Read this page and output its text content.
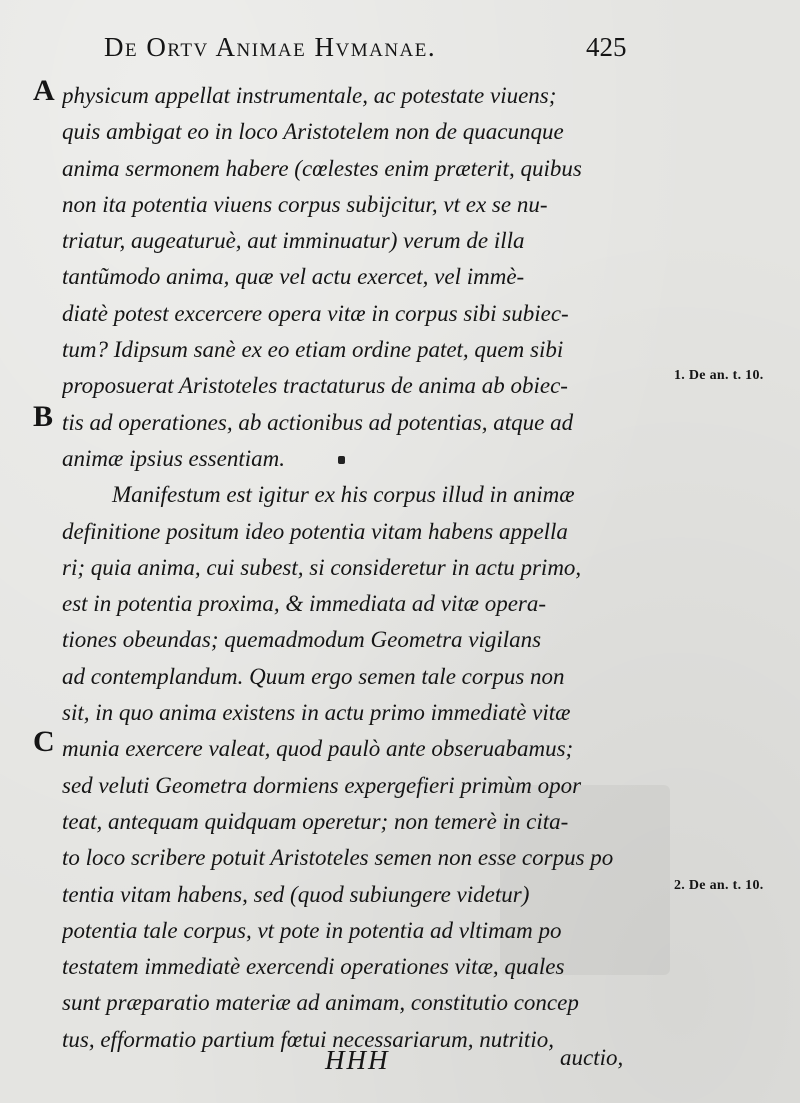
De Ortv Animae Hvmanae.	425
A
B
C
1. De an. t. 10.
2. De an. t. 10.
physicum appellat instrumentale, ac potestate viuens;
quis ambigat eo in loco Aristotelem non de quacunque
anima sermonem habere (cœlestes enim præterit, quibus
non ita potentia viuens corpus subijcitur, vt ex se nu-
triatur, augeaturuè, aut imminuatur) verum de illa
tantũmodo anima, quæ vel actu exercet, vel immè-
diatè potest excercere opera vitæ in corpus sibi subiec-
tum? Idipsum sanè ex eo etiam ordine patet, quem sibi
proposuerat Aristoteles tractaturus de anima ab obiec-
tis ad operationes, ab actionibus ad potentias, atque ad
animæ ipsius essentiam.
Manifestum est igitur ex his corpus illud in animæ
definitione positum ideo potentia vitam habens appella
ri; quia anima, cui subest, si consideretur in actu primo,
est in potentia proxima, & immediata ad vitæ opera-
tiones obeundas; quemadmodum Geometra vigilans
ad contemplandum. Quum ergo semen tale corpus non
sit, in quo anima existens in actu primo immediatè vitæ
munia exercere valeat, quod paulò ante obseruabamus;
sed veluti Geometra dormiens expergefieri primùm opor
teat, antequam quidquam operetur; non temerè in cita-
to loco scribere potuit Aristoteles semen non esse corpus po
tentia vitam habens, sed (quod subiungere videtur)
potentia tale corpus, vt pote in potentia ad vltimam po
testatem immediatè exercendi operationes vitæ, quales
sunt præparatio materiæ ad animam, constitutio concep
tus, efformatio partium fœtui necessariarum, nutritio,
HHH	auctio,
